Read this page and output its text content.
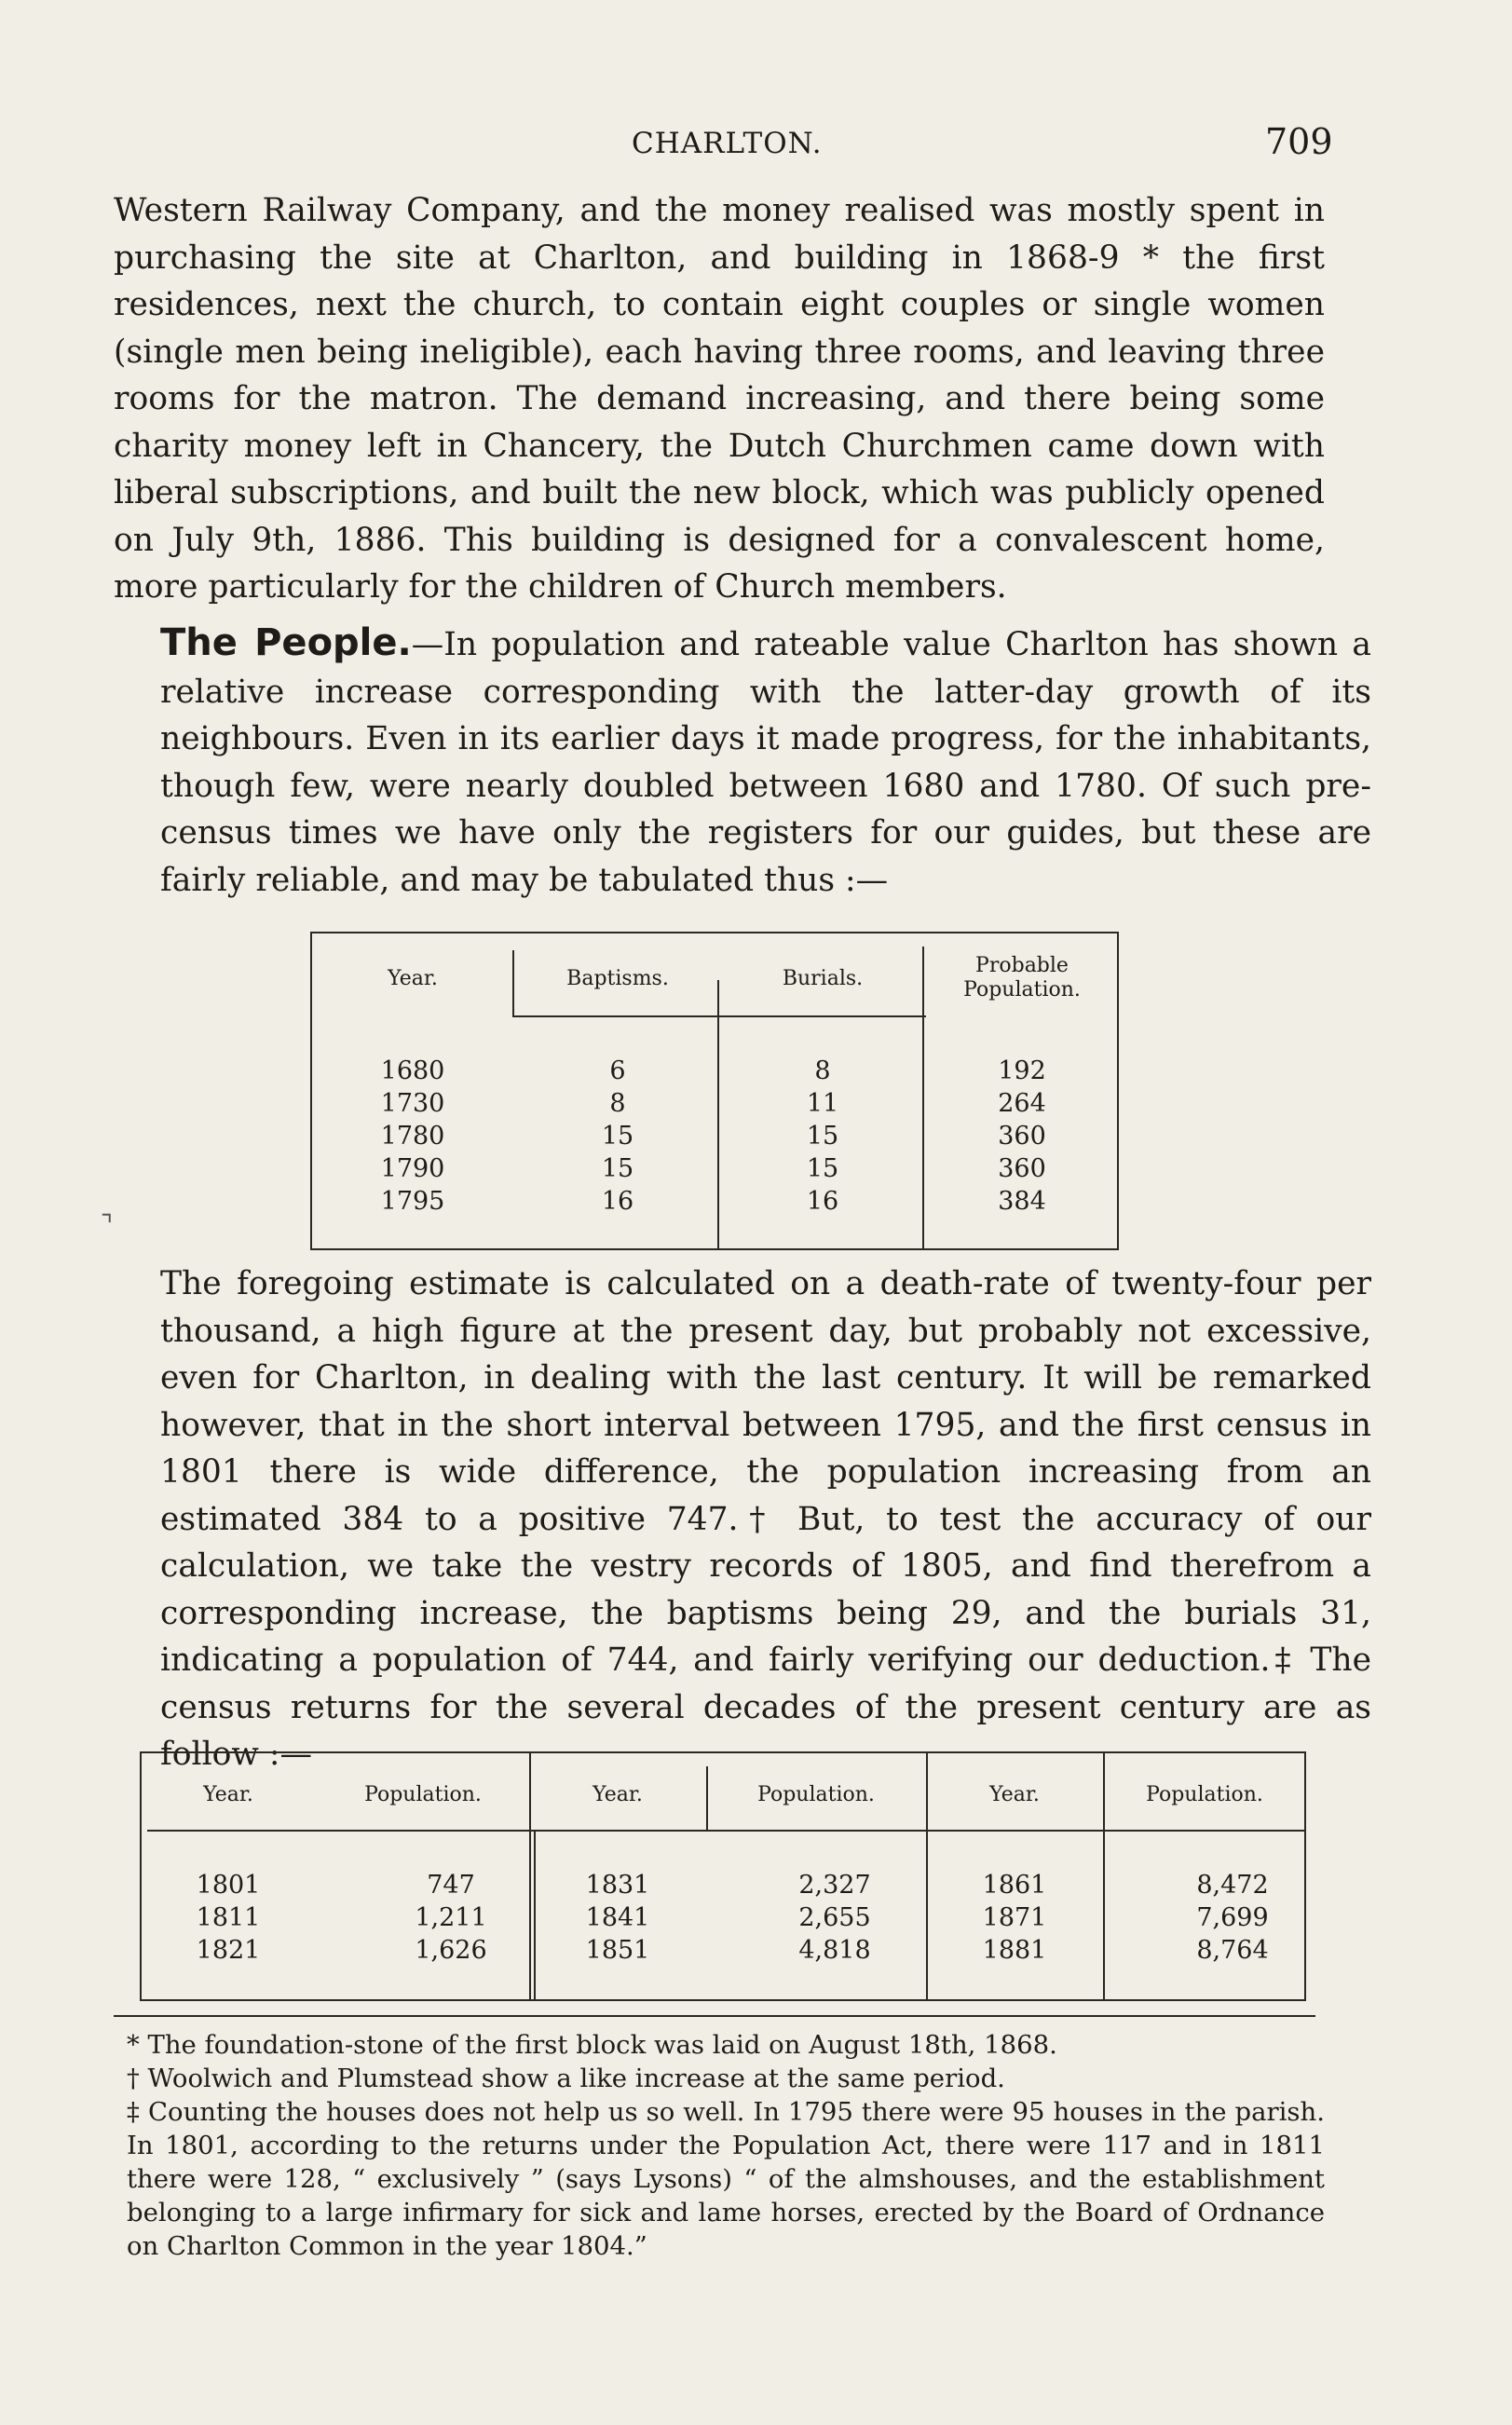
CHARLTON.	709

Western Railway Company, and the money realised was mostly spent in purchasing the site at Charlton, and building in 1868-9 * the first residences, next the church, to contain eight couples or single women (single men being ineligible), each having three rooms, and leaving three rooms for the matron. The demand increasing, and there being some charity money left in Chancery, the Dutch Churchmen came down with liberal subscriptions, and built the new block, which was publicly opened on July 9th, 1886. This building is designed for a convalescent home, more particularly for the children of Church members.

The People.—In population and rateable value Charlton has shown a relative increase corresponding with the latter-day growth of its neighbours. Even in its earlier days it made progress, for the inhabitants, though few, were nearly doubled between 1680 and 1780. Of such pre-census times we have only the registers for our guides, but these are fairly reliable, and may be tabulated thus :—

Year.
1680
1730
1780
1790
1795
Baptisms.
6
8
15
15
16
Burials.
8
11
15
15
16
Probable Population.
192
264
360
360
384
⌝

The foregoing estimate is calculated on a death-rate of twenty-four per thousand, a high figure at the present day, but probably not excessive, even for Charlton, in dealing with the last century. It will be remarked however, that in the short interval between 1795, and the first census in 1801 there is wide difference, the population increasing from an estimated 384 to a positive 747.† But, to test the accuracy of our calculation, we take the vestry records of 1805, and find therefrom a corresponding increase, the baptisms being 29, and the burials 31, indicating a population of 744, and fairly verifying our deduction.‡ The census returns for the several decades of the present century are as follow :—

Year.
1801
1811
1821
Population.
747
1,211
1,626
Year.
1831
1841
1851
Population.
2,327
2,655
4,818
Year.
1861
1871
1881
Population.
8,472
7,699
8,764

* The foundation-stone of the first block was laid on August 18th, 1868.

† Woolwich and Plumstead show a like increase at the same period.

‡ Counting the houses does not help us so well. In 1795 there were 95 houses in the parish. In 1801, according to the returns under the Population Act, there were 117 and in 1811 there were 128, “ exclusively ” (says Lysons) “ of the almshouses, and the establishment belonging to a large infirmary for sick and lame horses, erected by the Board of Ordnance on Charlton Common in the year 1804.”
